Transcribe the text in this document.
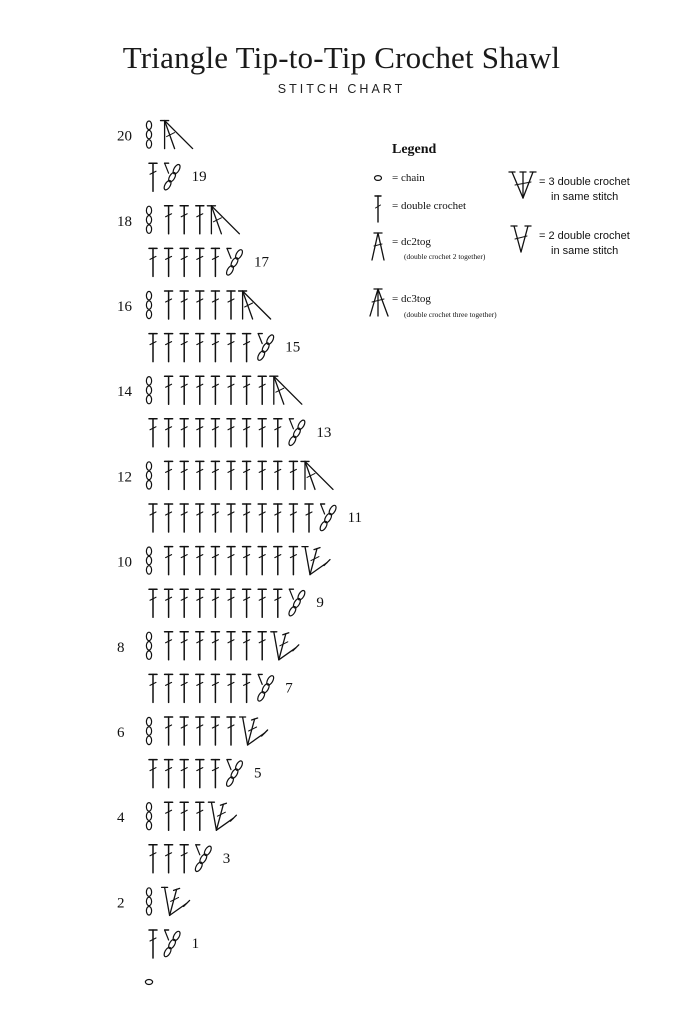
Triangle Tip-to-Tip Crochet Shawl
STITCH CHART
1
2
3
4
5
6
7
8
9
10
11
12
13
14
15
16
17
18
19
20
Legend
= chain
= double crochet
= dc2tog
(double crochet 2 together)
= dc3tog
(double crochet three together)
= 3 double crochet
in same stitch
= 2 double crochet
in same stitch
